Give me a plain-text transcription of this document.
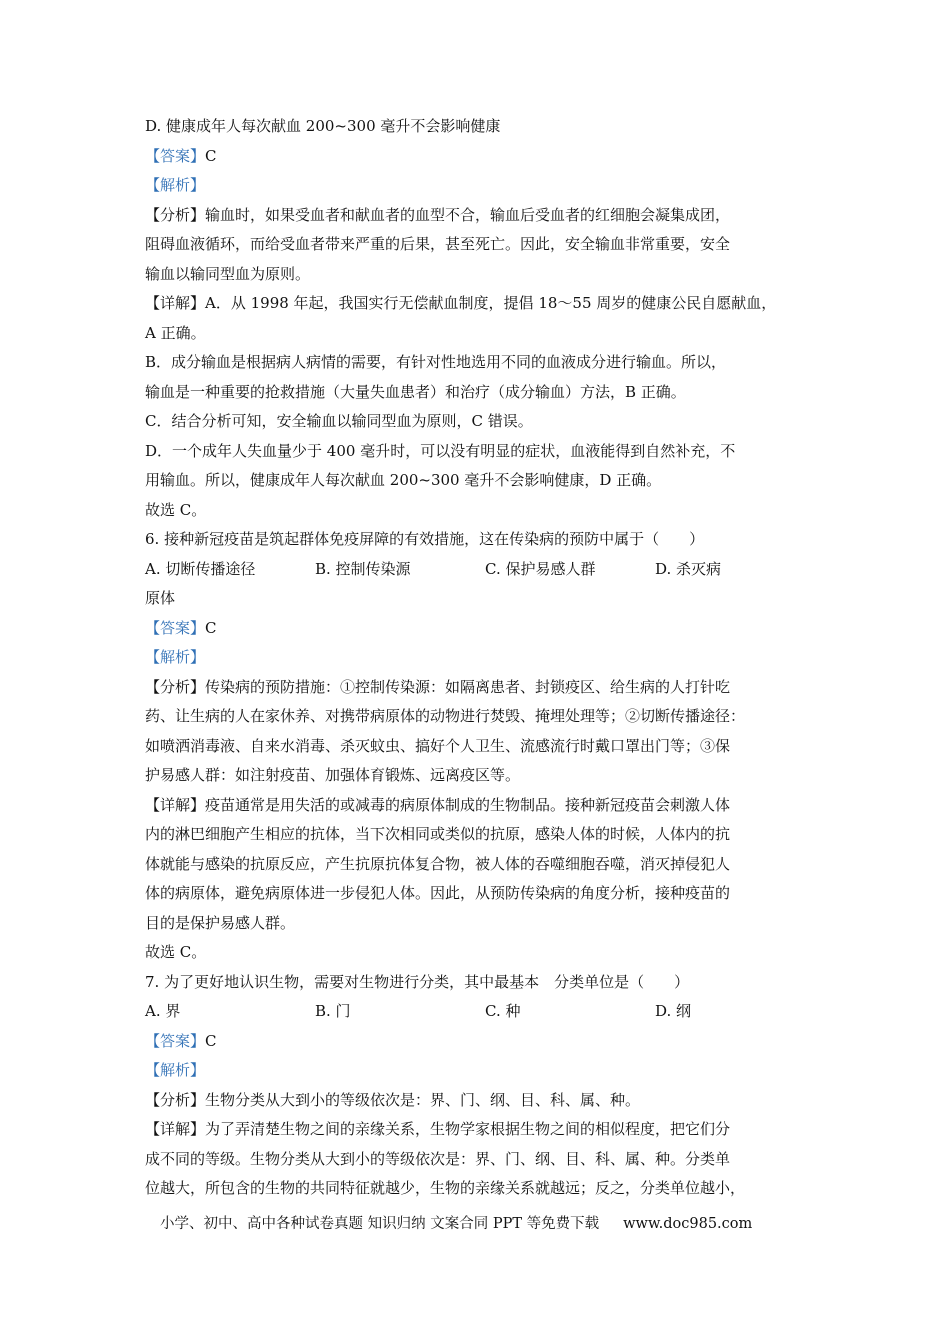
D. 健康成年人每次献血 200~300 毫升不会影响健康
【答案】C
【解析】
【分析】输血时，如果受血者和献血者的血型不合，输血后受血者的红细胞会凝集成团，
阻碍血液循环，而给受血者带来严重的后果，甚至死亡。因此，安全输血非常重要，安全
输血以输同型血为原则。
【详解】A．从 1998 年起，我国实行无偿献血制度，提倡 18～55 周岁的健康公民自愿献血，
A 正确。
B．成分输血是根据病人病情的需要，有针对性地选用不同的血液成分进行输血。所以，
输血是一种重要的抢救措施（大量失血患者）和治疗（成分输血）方法，B 正确。
C．结合分析可知，安全输血以输同型血为原则，C 错误。
D．一个成年人失血量少于 400 毫升时，可以没有明显的症状，血液能得到自然补充，不
用输血。所以，健康成年人每次献血 200~300 毫升不会影响健康，D 正确。
故选 C。
6. 接种新冠疫苗是筑起群体免疫屏障的有效措施，这在传染病的预防中属于（　　）
A. 切断传播途径	B. 控制传染源	C. 保护易感人群	D. 杀灭病
原体
【答案】C
【解析】
【分析】传染病的预防措施：①控制传染源：如隔离患者、封锁疫区、给生病的人打针吃
药、让生病的人在家休养、对携带病原体的动物进行焚毁、掩埋处理等；②切断传播途径：
如喷洒消毒液、自来水消毒、杀灭蚊虫、搞好个人卫生、流感流行时戴口罩出门等；③保
护易感人群：如注射疫苗、加强体育锻炼、远离疫区等。
【详解】疫苗通常是用失活的或减毒的病原体制成的生物制品。接种新冠疫苗会刺激人体
内的淋巴细胞产生相应的抗体，当下次相同或类似的抗原，感染人体的时候，人体内的抗
体就能与感染的抗原反应，产生抗原抗体复合物，被人体的吞噬细胞吞噬，消灭掉侵犯人
体的病原体，避免病原体进一步侵犯人体。因此，从预防传染病的角度分析，接种疫苗的
目的是保护易感人群。
故选 C。
7. 为了更好地认识生物，需要对生物进行分类，其中最基本　分类单位是（　　）
A. 界	B. 门	C. 种	D. 纲
【答案】C
【解析】
【分析】生物分类从大到小的等级依次是：界、门、纲、目、科、属、种。
【详解】为了弄清楚生物之间的亲缘关系，生物学家根据生物之间的相似程度，把它们分
成不同的等级。生物分类从大到小的等级依次是：界、门、纲、目、科、属、种。分类单
位越大，所包含的生物的共同特征就越少，生物的亲缘关系就越远；反之，分类单位越小，
小学、初中、高中各种试卷真题 知识归纳 文案合同 PPT 等免费下载 www.doc985.com
